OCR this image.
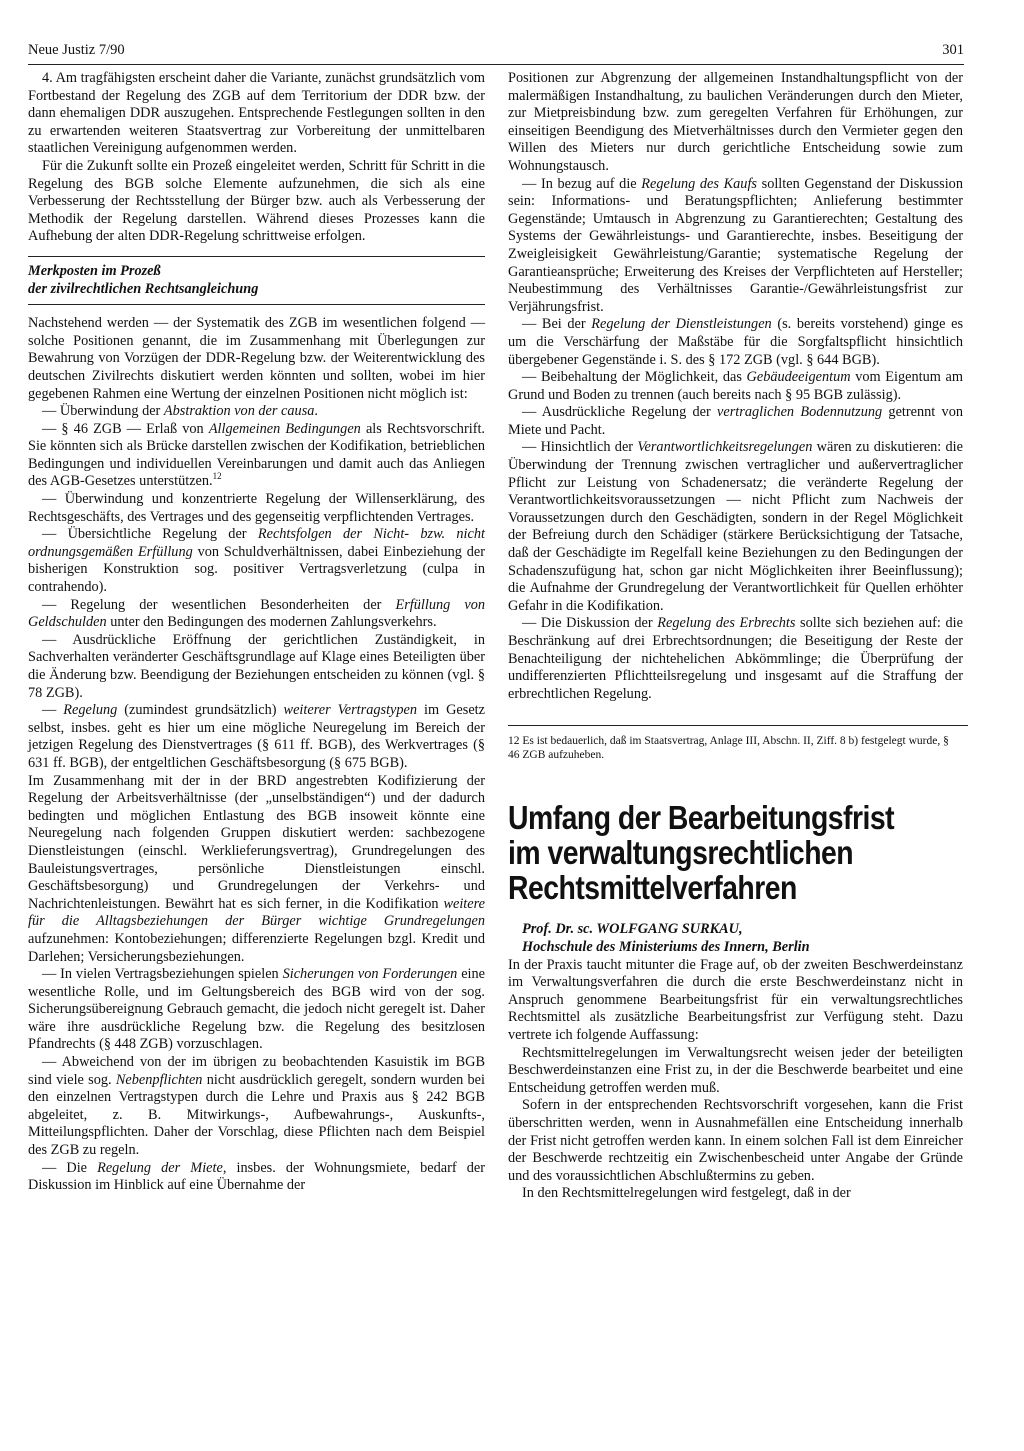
Neue Justiz 7/90	301

4. Am tragfähigsten erscheint daher die Variante, zunächst grundsätzlich vom Fortbestand der Regelung des ZGB auf dem Territorium der DDR bzw. der dann ehemaligen DDR auszugehen. Entsprechende Festlegungen sollten in den zu erwartenden weiteren Staatsvertrag zur Vorbereitung der unmittelbaren staatlichen Vereinigung aufgenommen werden.

Für die Zukunft sollte ein Prozeß eingeleitet werden, Schritt für Schritt in die Regelung des BGB solche Elemente aufzunehmen, die sich als eine Verbesserung der Rechtsstellung der Bürger bzw. auch als Verbesserung der Methodik der Regelung darstellen. Während dieses Prozesses kann die Aufhebung der alten DDR-Regelung schrittweise erfolgen.

Merkposten im Prozeß
der zivilrechtlichen Rechtsangleichung

Nachstehend werden — der Systematik des ZGB im wesentlichen folgend — solche Positionen genannt, die im Zusammenhang mit Überlegungen zur Bewahrung von Vorzügen der DDR-Regelung bzw. der Weiterentwicklung des deutschen Zivilrechts diskutiert werden könnten und sollten, wobei im hier gegebenen Rahmen eine Wertung der einzelnen Positionen nicht möglich ist:

— Überwindung der Abstraktion von der causa.

— § 46 ZGB — Erlaß von Allgemeinen Bedingungen als Rechtsvorschrift. Sie könnten sich als Brücke darstellen zwischen der Kodifikation, betrieblichen Bedingungen und individuellen Vereinbarungen und damit auch das Anliegen des AGB-Gesetzes unterstützen.$^{12}$

— Überwindung und konzentrierte Regelung der Willenserklärung, des Rechtsgeschäfts, des Vertrages und des gegenseitig verpflichtenden Vertrages.

— Übersichtliche Regelung der Rechtsfolgen der Nicht- bzw. nicht ordnungsgemäßen Erfüllung von Schuldverhältnissen, dabei Einbeziehung der bisherigen Konstruktion sog. positiver Vertragsverletzung (culpa in contrahendo).

— Regelung der wesentlichen Besonderheiten der Erfüllung von Geldschulden unter den Bedingungen des modernen Zahlungsverkehrs.

— Ausdrückliche Eröffnung der gerichtlichen Zuständigkeit, in Sachverhalten veränderter Geschäftsgrundlage auf Klage eines Beteiligten über die Änderung bzw. Beendigung der Beziehungen entscheiden zu können (vgl. § 78 ZGB).

— Regelung (zumindest grundsätzlich) weiterer Vertragstypen im Gesetz selbst, insbes. geht es hier um eine mögliche Neuregelung im Bereich der jetzigen Regelung des Dienstvertrages (§ 611 ff. BGB), des Werkvertrages (§ 631 ff. BGB), der entgeltlichen Geschäftsbesorgung (§ 675 BGB).

Im Zusammenhang mit der in der BRD angestrebten Kodifizierung der Regelung der Arbeitsverhältnisse (der „unselbständigen“) und der dadurch bedingten und möglichen Entlastung des BGB insoweit könnte eine Neuregelung nach folgenden Gruppen diskutiert werden: sachbezogene Dienstleistungen (einschl. Werklieferungsvertrag), Grundregelungen des Bauleistungsvertrages, persönliche Dienstleistungen einschl. Geschäftsbesorgung) und Grundregelungen der Verkehrs- und Nachrichtenleistungen. Bewährt hat es sich ferner, in die Kodifikation weitere für die Alltagsbeziehungen der Bürger wichtige Grundregelungen aufzunehmen: Kontobeziehungen; differenzierte Regelungen bzgl. Kredit und Darlehen; Versicherungsbeziehungen.

— In vielen Vertragsbeziehungen spielen Sicherungen von Forderungen eine wesentliche Rolle, und im Geltungsbereich des BGB wird von der sog. Sicherungsübereignung Gebrauch gemacht, die jedoch nicht geregelt ist. Daher wäre ihre ausdrückliche Regelung bzw. die Regelung des besitzlosen Pfandrechts (§ 448 ZGB) vorzuschlagen.

— Abweichend von der im übrigen zu beobachtenden Kasuistik im BGB sind viele sog. Nebenpflichten nicht ausdrücklich geregelt, sondern wurden bei den einzelnen Vertragstypen durch die Lehre und Praxis aus § 242 BGB abgeleitet, z. B. Mitwirkungs-, Aufbewahrungs-, Auskunfts-, Mitteilungspflichten. Daher der Vorschlag, diese Pflichten nach dem Beispiel des ZGB zu regeln.

— Die Regelung der Miete, insbes. der Wohnungsmiete, bedarf der Diskussion im Hinblick auf eine Übernahme der

Positionen zur Abgrenzung der allgemeinen Instandhaltungspflicht von der malermäßigen Instandhaltung, zu baulichen Veränderungen durch den Mieter, zur Mietpreisbindung bzw. zum geregelten Verfahren für Erhöhungen, zur einseitigen Beendigung des Mietverhältnisses durch den Vermieter gegen den Willen des Mieters nur durch gerichtliche Entscheidung sowie zum Wohnungstausch.

— In bezug auf die Regelung des Kaufs sollten Gegenstand der Diskussion sein: Informations- und Beratungspflichten; Anlieferung bestimmter Gegenstände; Umtausch in Abgrenzung zu Garantierechten; Gestaltung des Systems der Gewährleistungs- und Garantierechte, insbes. Beseitigung der Zweigleisigkeit Gewährleistung/Garantie; systematische Regelung der Garantieansprüche; Erweiterung des Kreises der Verpflichteten auf Hersteller; Neubestimmung des Verhältnisses Garantie-/Gewährleistungsfrist zur Verjährungsfrist.

— Bei der Regelung der Dienstleistungen (s. bereits vorstehend) ginge es um die Verschärfung der Maßstäbe für die Sorgfaltspflicht hinsichtlich übergebener Gegenstände i. S. des § 172 ZGB (vgl. § 644 BGB).

— Beibehaltung der Möglichkeit, das Gebäudeeigentum vom Eigentum am Grund und Boden zu trennen (auch bereits nach § 95 BGB zulässig).

— Ausdrückliche Regelung der vertraglichen Bodennutzung getrennt von Miete und Pacht.

— Hinsichtlich der Verantwortlichkeitsregelungen wären zu diskutieren: die Überwindung der Trennung zwischen vertraglicher und außervertraglicher Pflicht zur Leistung von Schadenersatz; die veränderte Regelung der Verantwortlichkeitsvoraussetzungen — nicht Pflicht zum Nachweis der Voraussetzungen durch den Geschädigten, sondern in der Regel Möglichkeit der Befreiung durch den Schädiger (stärkere Berücksichtigung der Tatsache, daß der Geschädigte im Regelfall keine Beziehungen zu den Bedingungen der Schadenszufügung hat, schon gar nicht Möglichkeiten ihrer Beeinflussung); die Aufnahme der Grundregelung der Verantwortlichkeit für Quellen erhöhter Gefahr in die Kodifikation.

— Die Diskussion der Regelung des Erbrechts sollte sich beziehen auf: die Beschränkung auf drei Erbrechtsordnungen; die Beseitigung der Reste der Benachteiligung der nichtehelichen Abkömmlinge; die Überprüfung der undifferenzierten Pflichtteilsregelung und insgesamt auf die Straffung der erbrechtlichen Regelung.

12 Es ist bedauerlich, daß im Staatsvertrag, Anlage III, Abschn. II, Ziff. 8 b) festgelegt wurde, § 46 ZGB aufzuheben.

Umfang der Bearbeitungsfrist
im verwaltungsrechtlichen
Rechtsmittelverfahren

Prof. Dr. sc. WOLFGANG SURKAU,

Hochschule des Ministeriums des Innern, Berlin

In der Praxis taucht mitunter die Frage auf, ob der zweiten Beschwerdeinstanz im Verwaltungsverfahren die durch die erste Beschwerdeinstanz nicht in Anspruch genommene Bearbeitungsfrist für ein verwaltungsrechtliches Rechtsmittel als zusätzliche Bearbeitungsfrist zur Verfügung steht. Dazu vertrete ich folgende Auffassung:

Rechtsmittelregelungen im Verwaltungsrecht weisen jeder der beteiligten Beschwerdeinstanzen eine Frist zu, in der die Beschwerde bearbeitet und eine Entscheidung getroffen werden muß.

Sofern in der entsprechenden Rechtsvorschrift vorgesehen, kann die Frist überschritten werden, wenn in Ausnahmefällen eine Entscheidung innerhalb der Frist nicht getroffen werden kann. In einem solchen Fall ist dem Einreicher der Beschwerde rechtzeitig ein Zwischenbescheid unter Angabe der Gründe und des voraussichtlichen Abschlußtermins zu geben.

In den Rechtsmittelregelungen wird festgelegt, daß in der
